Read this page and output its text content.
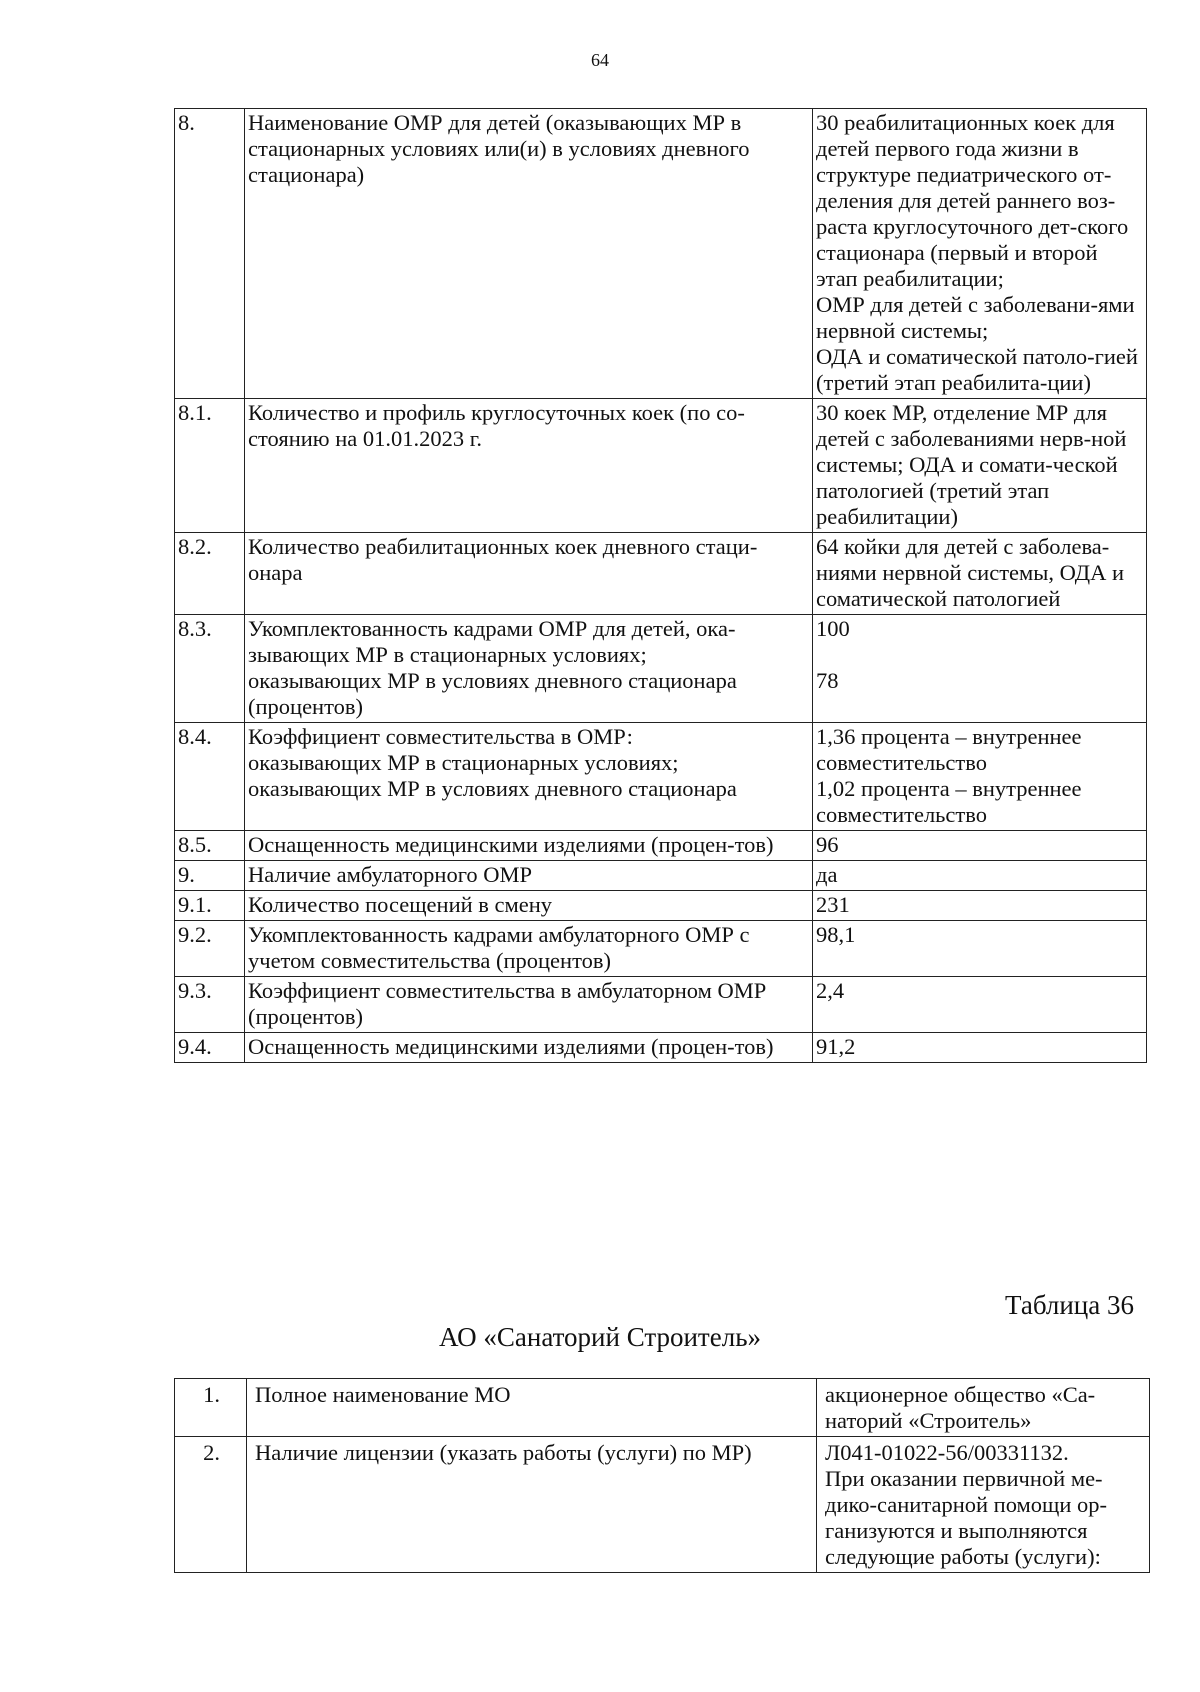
64
8.	Наименование ОМР для детей (оказывающих МР в стационарных условиях или(и) в условиях дневного стационара)	30 реабилитационных коек для детей первого года жизни в структуре педиатрического от-деления для детей раннего воз-раста круглосуточного дет-ского стационара (первый и второй этап реабилитации;
ОМР для детей с заболевани-ями нервной системы;
ОДА и соматической патоло-гией (третий этап реабилита-ции)

8.1.	Количество и профиль круглосуточных коек (по со-стоянию на 01.01.2023 г.	30 коек МР, отделение МР для детей с заболеваниями нерв-ной системы; ОДА и сомати-ческой патологией (третий этап реабилитации)

8.2.	Количество реабилитационных коек дневного стаци-онара	64 койки для детей с заболева-ниями нервной системы, ОДА и соматической патологией

8.3.	Укомплектованность кадрами ОМР для детей, ока-зывающих МР в стационарных условиях;
оказывающих МР в условиях дневного стационара (процентов)	100
78

8.4.	Коэффициент совместительства в ОМР:
оказывающих МР в стационарных условиях;
оказывающих МР в условиях дневного стационара	1,36 процента – внутреннее совместительство
1,02 процента – внутреннее совместительство

8.5.	Оснащенность медицинскими изделиями (процен-тов)	96

9.	Наличие амбулаторного ОМР	да

9.1.	Количество посещений в смену	231

9.2.	Укомплектованность кадрами амбулаторного ОМР с учетом совместительства (процентов)	98,1

9.3.	Коэффициент совместительства в амбулаторном ОМР (процентов)	2,4

9.4.	Оснащенность медицинскими изделиями (процен-тов)	91,2
Таблица 36
АО «Санаторий Строитель»
1.	Полное наименование МО	акционерное общество «Са-наторий «Строитель»

2.	Наличие лицензии (указать работы (услуги) по МР)	Л041-01022-56/00331132.
При оказании первичной ме-дико-санитарной помощи ор-ганизуются и выполняются следующие работы (услуги):
